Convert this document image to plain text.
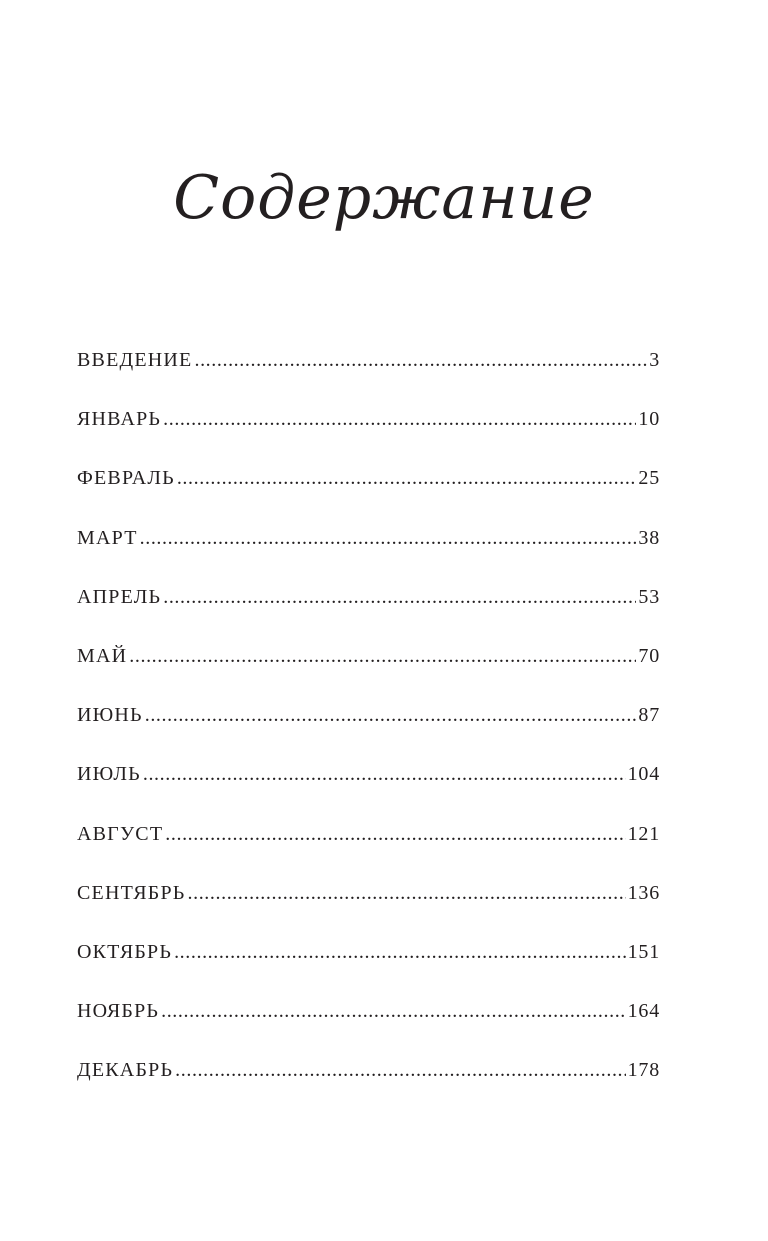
Содержание
ВВЕДЕНИЕ .....	3
ЯНВАРЬ .....	10
ФЕВРАЛЬ .....	25
МАРТ .....	38
АПРЕЛЬ .....	53
МАЙ .....	70
ИЮНЬ .....	87
ИЮЛЬ .....	104
АВГУСТ .....	121
СЕНТЯБРЬ .....	136
ОКТЯБРЬ .....	151
НОЯБРЬ .....	164
ДЕКАБРЬ .....	178
